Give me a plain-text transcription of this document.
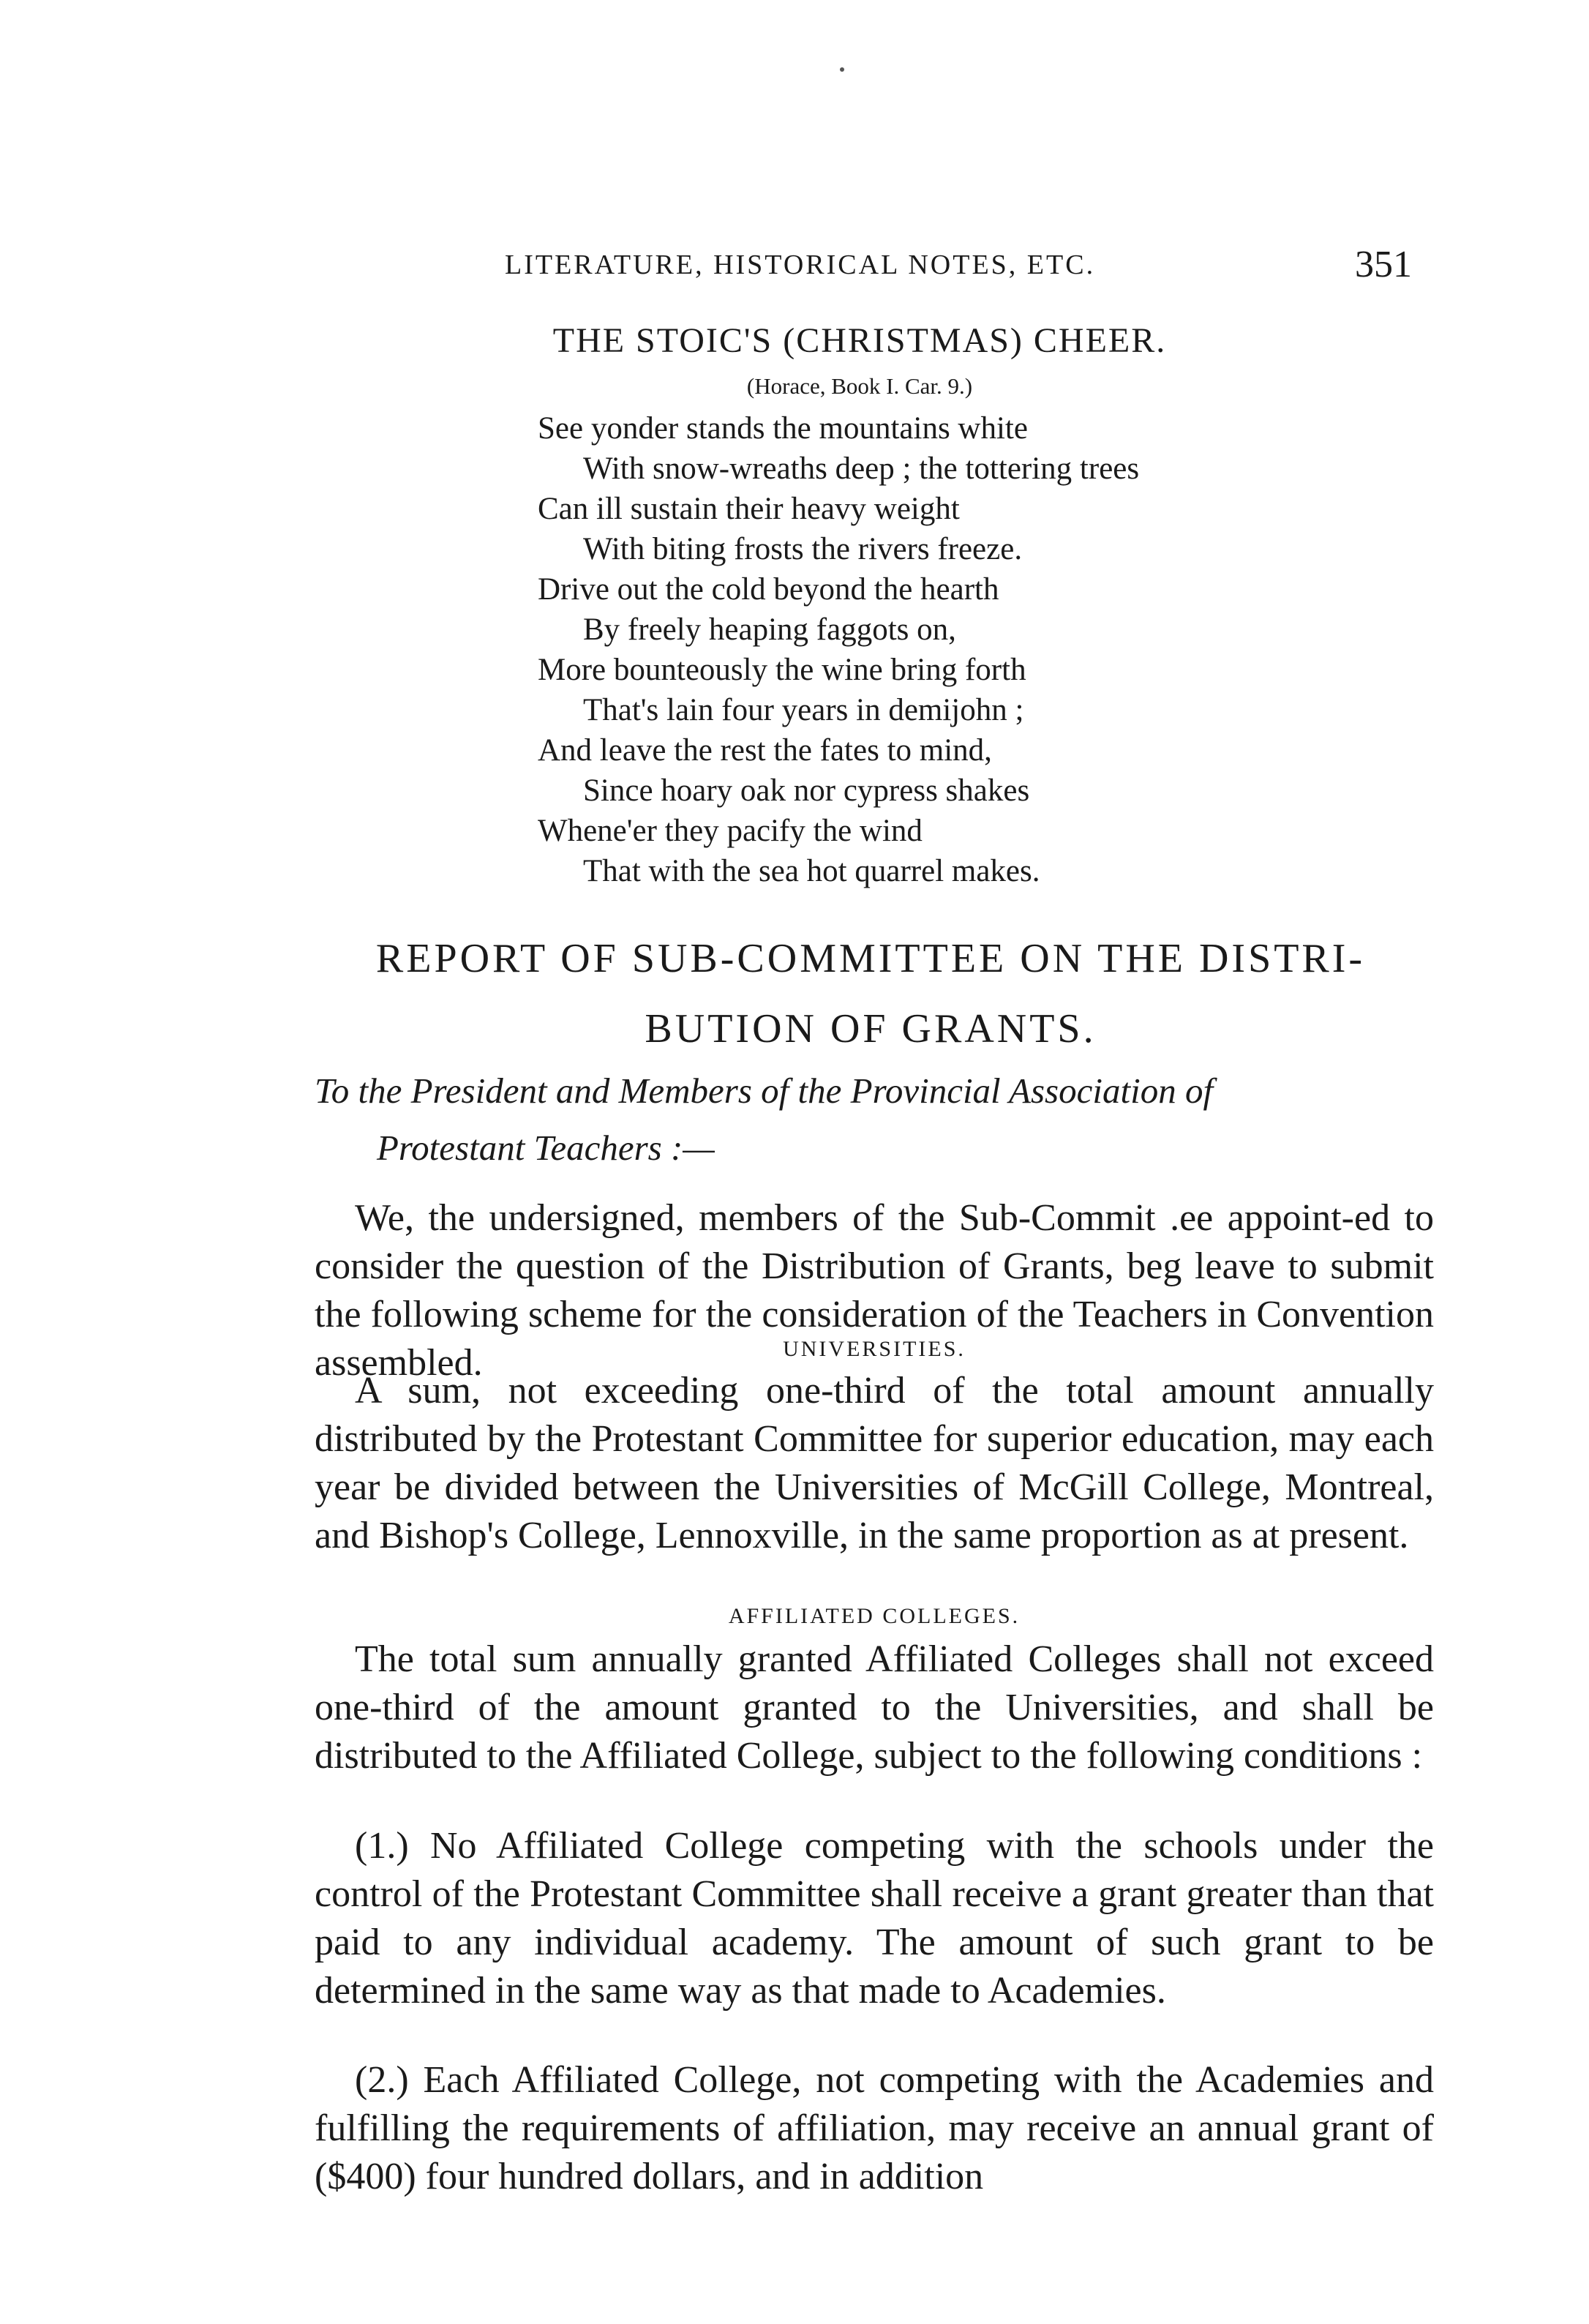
LITERATURE, HISTORICAL NOTES, ETC.	351
THE STOIC'S (CHRISTMAS) CHEER.
(Horace, Book I. Car. 9.)
See yonder stands the mountains white
With snow-wreaths deep ; the tottering trees
Can ill sustain their heavy weight
With biting frosts the rivers freeze.
Drive out the cold beyond the hearth
By freely heaping faggots on,
More bounteously the wine bring forth
That's lain four years in demijohn ;
And leave the rest the fates to mind,
Since hoary oak nor cypress shakes
Whene'er they pacify the wind
That with the sea hot quarrel makes.
REPORT OF SUB-COMMITTEE ON THE DISTRI-
BUTION OF GRANTS.
To the President and Members of the Provincial Association of
Protestant Teachers :—

We, the undersigned, members of the Sub-Commit .ee appoint-ed to consider the question of the Distribution of Grants, beg leave to submit the following scheme for the consideration of the Teachers in Convention assembled.	UNIVERSITIES.

A sum, not exceeding one-third of the total amount annually distributed by the Protestant Committee for superior education, may each year be divided between the Universities of McGill College, Montreal, and Bishop's College, Lennoxville, in the same proportion as at present.

AFFILIATED COLLEGES.

The total sum annually granted Affiliated Colleges shall not exceed one-third of the amount granted to the Universities, and shall be distributed to the Affiliated College, subject to the following conditions :

(1.) No Affiliated College competing with the schools under the control of the Protestant Committee shall receive a grant greater than that paid to any individual academy. The amount of such grant to be determined in the same way as that made to Academies.

(2.) Each Affiliated College, not competing with the Academies and fulfilling the requirements of affiliation, may receive an annual grant of ($400) four hundred dollars, and in addition
